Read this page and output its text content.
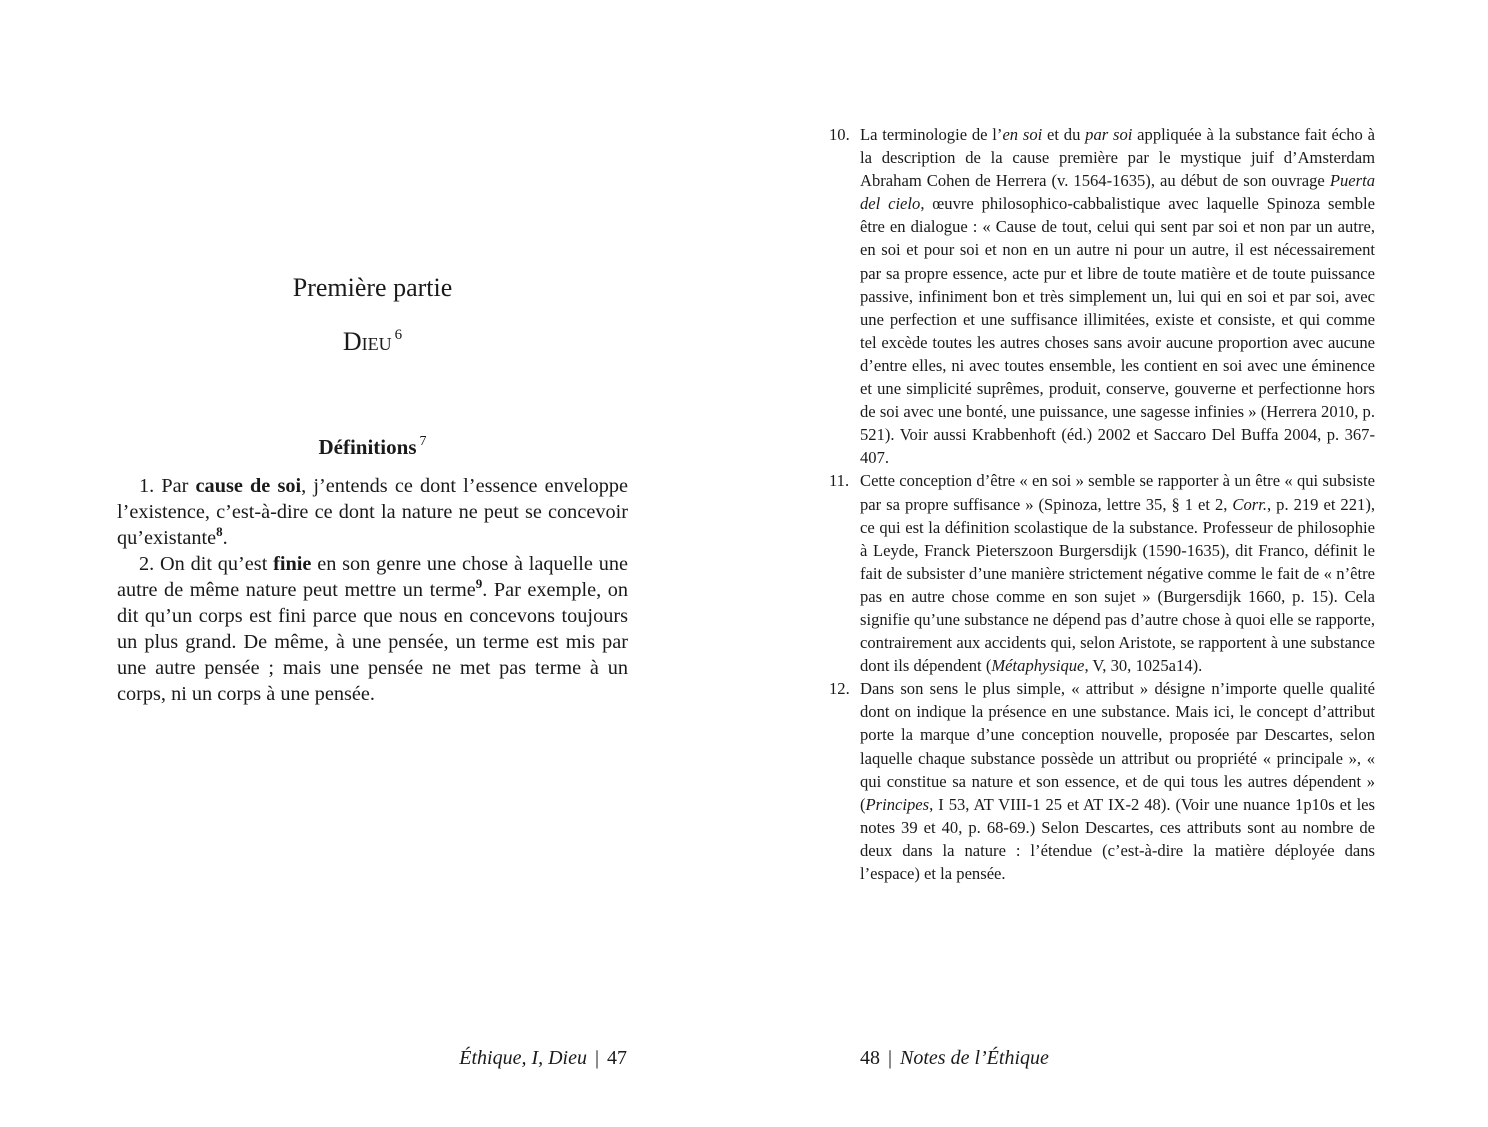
Première partie
Dieu $^6$
Définitions $^7$

1. Par cause de soi, j’entends ce dont l’essence enveloppe l’existence, c’est-à-dire ce dont la nature ne peut se concevoir qu’existante$^8$.

2. On dit qu’est finie en son genre une chose à laquelle une autre de même nature peut mettre un terme$^9$. Par exemple, on dit qu’un corps est fini parce que nous en concevons toujours un plus grand. De même, à une pensée, un terme est mis par une autre pensée ; mais une pensée ne met pas terme à un corps, ni un corps à une pensée.

Éthique, I, Dieu | 47
10. La terminologie de l’en soi et du par soi appliquée à la substance fait écho à la description de la cause première par le mystique juif d’Amsterdam Abraham Cohen de Herrera (v. 1564-1635), au début de son ouvrage Puerta del cielo, œuvre philosophico-cabbalistique avec laquelle Spinoza semble être en dialogue : « Cause de tout, celui qui sent par soi et non par un autre, en soi et pour soi et non en un autre ni pour un autre, il est nécessairement par sa propre essence, acte pur et libre de toute matière et de toute puissance passive, infiniment bon et très simplement un, lui qui en soi et par soi, avec une perfection et une suffisance illimitées, existe et consiste, et qui comme tel excède toutes les autres choses sans avoir aucune proportion avec aucune d’entre elles, ni avec toutes ensemble, les contient en soi avec une éminence et une simplicité suprêmes, produit, conserve, gouverne et perfectionne hors de soi avec une bonté, une puissance, une sagesse infinies » (Herrera 2010, p. 521). Voir aussi Krabbenhoft (éd.) 2002 et Saccaro Del Buffa 2004, p. 367-407.
11. Cette conception d’être « en soi » semble se rapporter à un être « qui subsiste par sa propre suffisance » (Spinoza, lettre 35, § 1 et 2, Corr., p. 219 et 221), ce qui est la définition scolastique de la substance. Professeur de philosophie à Leyde, Franck Pieterszoon Burgersdijk (1590-1635), dit Franco, définit le fait de subsister d’une manière strictement négative comme le fait de « n’être pas en autre chose comme en son sujet » (Burgersdijk 1660, p. 15). Cela signifie qu’une substance ne dépend pas d’autre chose à quoi elle se rapporte, contrairement aux accidents qui, selon Aristote, se rapportent à une substance dont ils dépendent (Métaphysique, V, 30, 1025a14).
12. Dans son sens le plus simple, « attribut » désigne n’importe quelle qualité dont on indique la présence en une substance. Mais ici, le concept d’attribut porte la marque d’une conception nouvelle, proposée par Descartes, selon laquelle chaque substance possède un attribut ou propriété « principale », « qui constitue sa nature et son essence, et de qui tous les autres dépendent » (Principes, I 53, AT VIII-1 25 et AT IX-2 48). (Voir une nuance 1p10s et les notes 39 et 40, p. 68-69.) Selon Descartes, ces attributs sont au nombre de deux dans la nature : l’étendue (c’est-à-dire la matière déployée dans l’espace) et la pensée.
48 | Notes de l’Éthique
